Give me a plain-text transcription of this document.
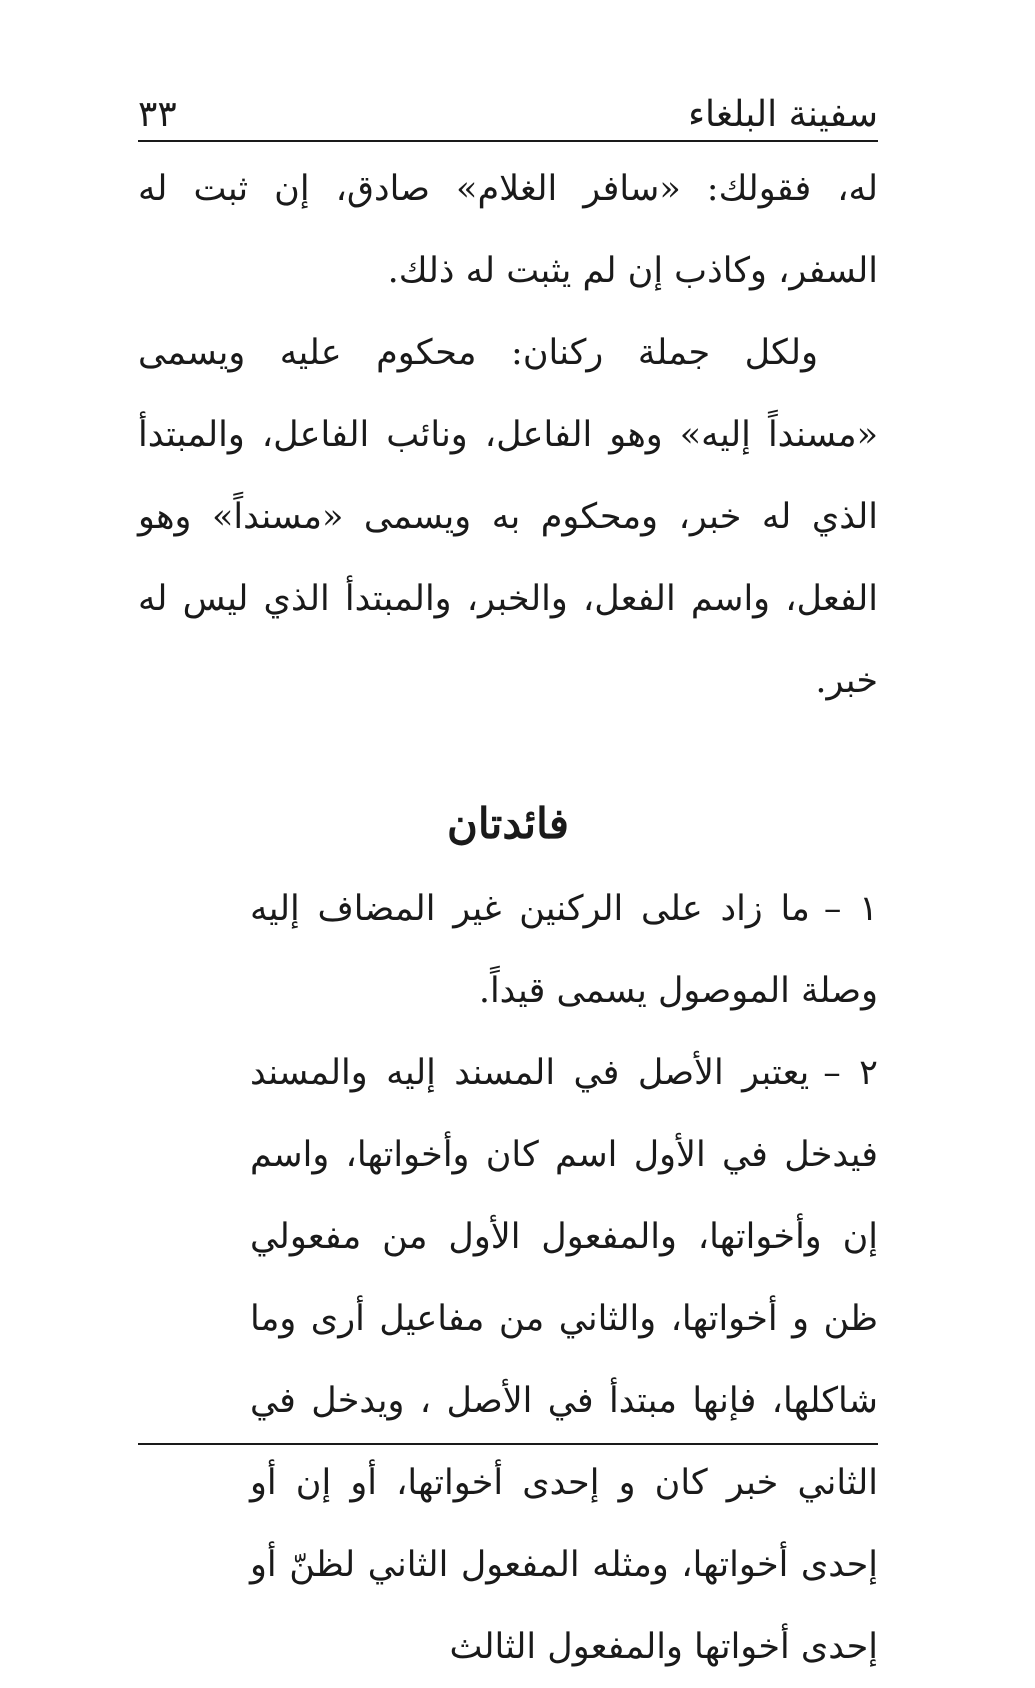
سفينة البلغاء
٣٣

له، فقولك: «سافر الغلام» صادق، إن ثبت له السفر، وكاذب إن لم يثبت له ذلك.

ولكل جملة ركنان: محكوم عليه ويسمى «مسنداً إليه» وهو الفاعل، ونائب الفاعل، والمبتدأ الذي له خبر، ومحكوم به ويسمى «مسنداً» وهو الفعل، واسم الفعل، والخبر، والمبتدأ الذي ليس له خبر.

فائدتان

١ –ما زاد على الركنين غير المضاف إليه وصلة الموصول يسمى قيداً.

٢ –يعتبر الأصل في المسند إليه والمسند فيدخل في الأول اسم كان وأخواتها، واسم إن وأخواتها، والمفعول الأول من مفعولي ظن و أخواتها، والثاني من مفاعيل أرى وما شاكلها، فإنها مبتدأ في الأصل ، ويدخل في الثاني خبر كان و إحدى أخواتها، أو إن أو إحدى أخواتها، ومثله المفعول الثاني لظنّ أو إحدى أخواتها والمفعول الثالث
